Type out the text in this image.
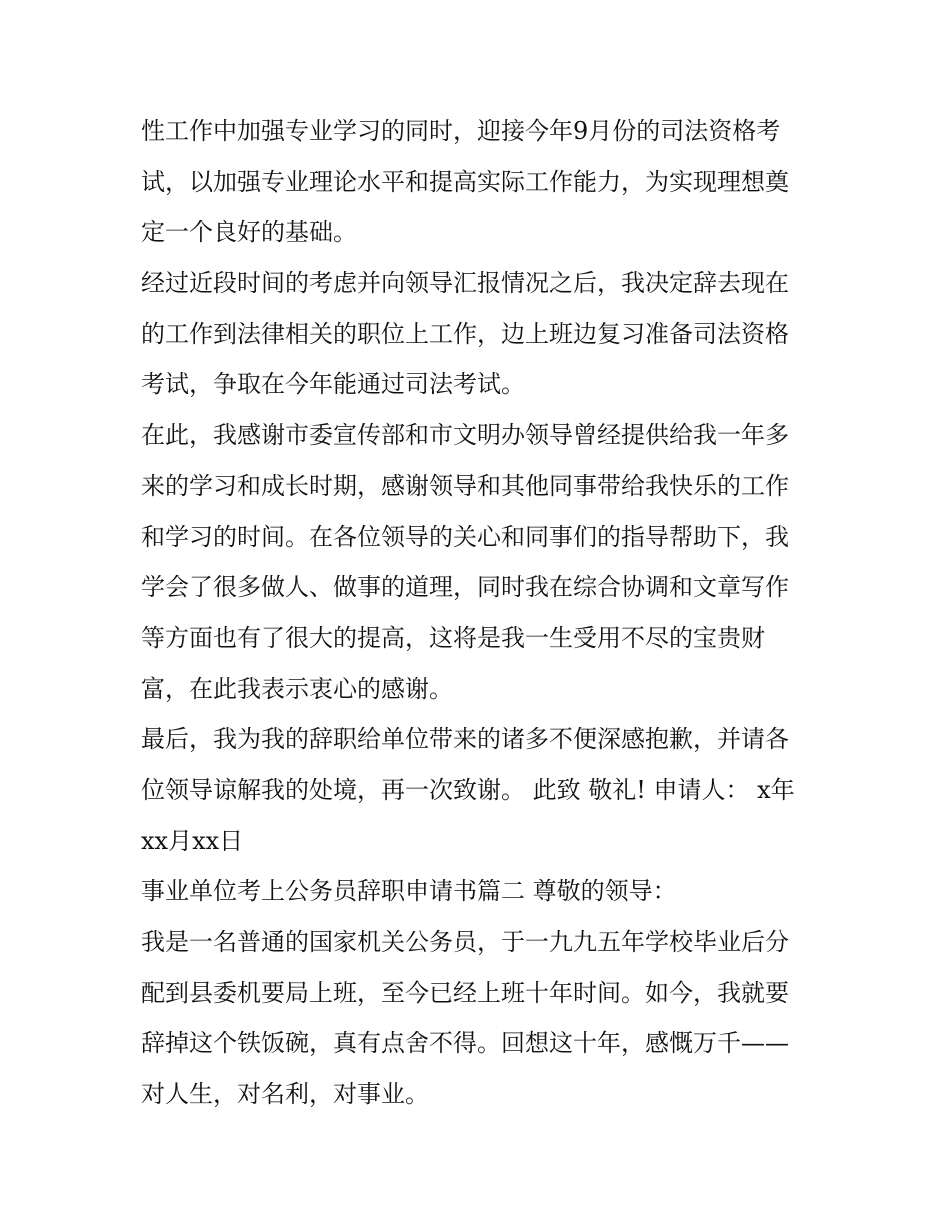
性工作中加强专业学习的同时，迎接今年9月份的司法资格考
试，以加强专业理论水平和提高实际工作能力，为实现理想奠
定一个良好的基础。

经过近段时间的考虑并向领导汇报情况之后，我决定辞去现在
的工作到法律相关的职位上工作，边上班边复习准备司法资格
考试，争取在今年能通过司法考试。

在此，我感谢市委宣传部和市文明办领导曾经提供给我一年多
来的学习和成长时期，感谢领导和其他同事带给我快乐的工作
和学习的时间。在各位领导的关心和同事们的指导帮助下，我
学会了很多做人、做事的道理，同时我在综合协调和文章写作
等方面也有了很大的提高，这将是我一生受用不尽的宝贵财
富，在此我表示衷心的感谢。

最后，我为我的辞职给单位带来的诸多不便深感抱歉，并请各
位领导谅解我的处境，再一次致谢。 此致 敬礼! 申请人： x年
xx月xx日

事业单位考上公务员辞职申请书篇二 尊敬的领导：

我是一名普通的国家机关公务员，于一九九五年学校毕业后分
配到县委机要局上班，至今已经上班十年时间。如今，我就要
辞掉这个铁饭碗，真有点舍不得。回想这十年，感慨万千——
对人生，对名利，对事业。
